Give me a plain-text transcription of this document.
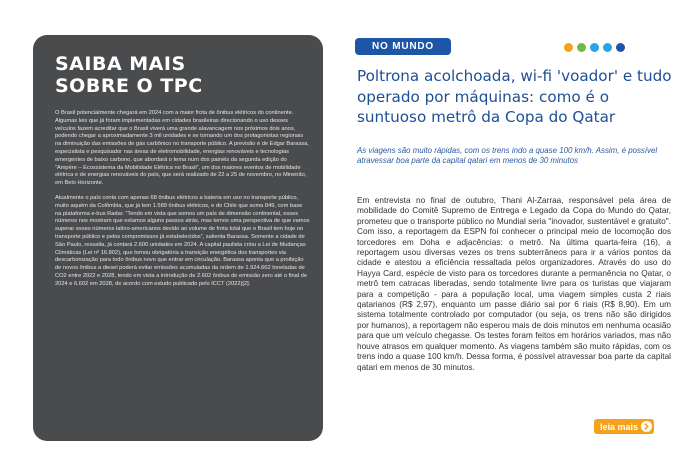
SAIBA MAIS
SOBRE O TPC

O Brasil potencialmente chegará em 2024 com a maior frota de ônibus elétricos do continente. Algumas leis que já foram implementadas em cidades brasileiras direcionando o uso desses veículos fazem acreditar que o Brasil viverá uma grande alavancagem nos próximos dois anos, podendo chegar a aproximadamente 3 mil unidades e se tornando um dos protagonistas regionais na diminuição das emissões de gás carbônico no transporte público. A previsão é de Edgar Barassa, especialista e pesquisador nas áreas de eletromobilidade, energias renováveis e tecnologias emergentes de baixo carbono, que abordará o tema num dos painéis da segunda edição do “Ampère – Ecossistema da Mobilidade Elétrica no Brasil”, um dos maiores eventos de mobilidade elétrica e de energias renováveis do país, que será realizado de 22 a 25 de novembro, no Mineirão, em Belo Horizonte.

Atualmente o país conta com apenas 68 ônibus elétricos a bateria em uso no transporte público, muito aquém da Colômbia, que já tem 1.589 ônibus elétricos, e do Chile que soma 849, com base na plataforma e-bus Radar. “Tendo em vista que somos um país de dimensão continental, esses números nos mostram que estamos alguns passos atrás, mas temos uma perspectiva de que vamos superar esses números latino-americanos devido ao volume de frota total que o Brasil tem hoje no transporte público e pelos compromissos já estabelecidos”, salienta Barassa. Somente a cidade de São Paulo, ressalta, já contará 2.600 unidades em 2024. A capital paulista criou a Lei de Mudanças Climáticas (Lei nº 16.802), que tornou obrigatória a transição energética dos transportes via descarbonização para todo ônibus novo que entrar em circulação. Barassa aponta que a proibição de novos ônibus a diesel poderá evitar emissões acumuladas da ordem de 1.924.662 toneladas de CO2 entre 2022 e 2028, tendo em vista a introdução de 2.602 ônibus de emissão zero até o final de 2024 e 6.602 em 2028, de acordo com estudo publicado pelo ICCT (2022)[2].

NO MUNDO
Poltrona acolchoada, wi-fi 'voador' e tudo operado por máquinas: como é o suntuoso metrô da Copa do Qatar

As viagens são muito rápidas, com os trens indo a quase 100 km/h. Assim, é possível atravessar boa parte da capital qatari em menos de 30 minutos

Em entrevista no final de outubro, Thani Al-Zarraa, responsável pela área de mobilidade do Comitê Supremo de Entrega e Legado da Copa do Mundo do Qatar, prometeu que o transporte público no Mundial seria "inovador, sustentável e gratuito". Com isso, a reportagem da ESPN foi conhecer o principal meio de locomoção dos torcedores em Doha e adjacências: o metrô. Na última quarta-feira (16), a reportagem usou diversas vezes os trens subterrâneos para ir a vários pontos da cidade e atestou a eficiência ressaltada pelos organizadores. Através do uso do Hayya Card, espécie de visto para os torcedores durante a permanência no Qatar, o metrô tem catracas liberadas, sendo totalmente livre para os turistas que viajaram para a competição - para a população local, uma viagem simples custa 2 riais qatarianos (R$ 2,97), enquanto um passe diário sai por 6 riais (R$ 8,90). Em um sistema totalmente controlado por computador (ou seja, os trens não são dirigidos por humanos), a reportagem não esperou mais de dois minutos em nenhuma ocasião para que um veículo chegasse. Os testes foram feitos em horários variados, mas não houve atrasos em qualquer momento. As viagens também são muito rápidas, com os trens indo a quase 100 km/h. Dessa forma, é possível atravessar boa parte da capital qatari em menos de 30 minutos.

leia mais
